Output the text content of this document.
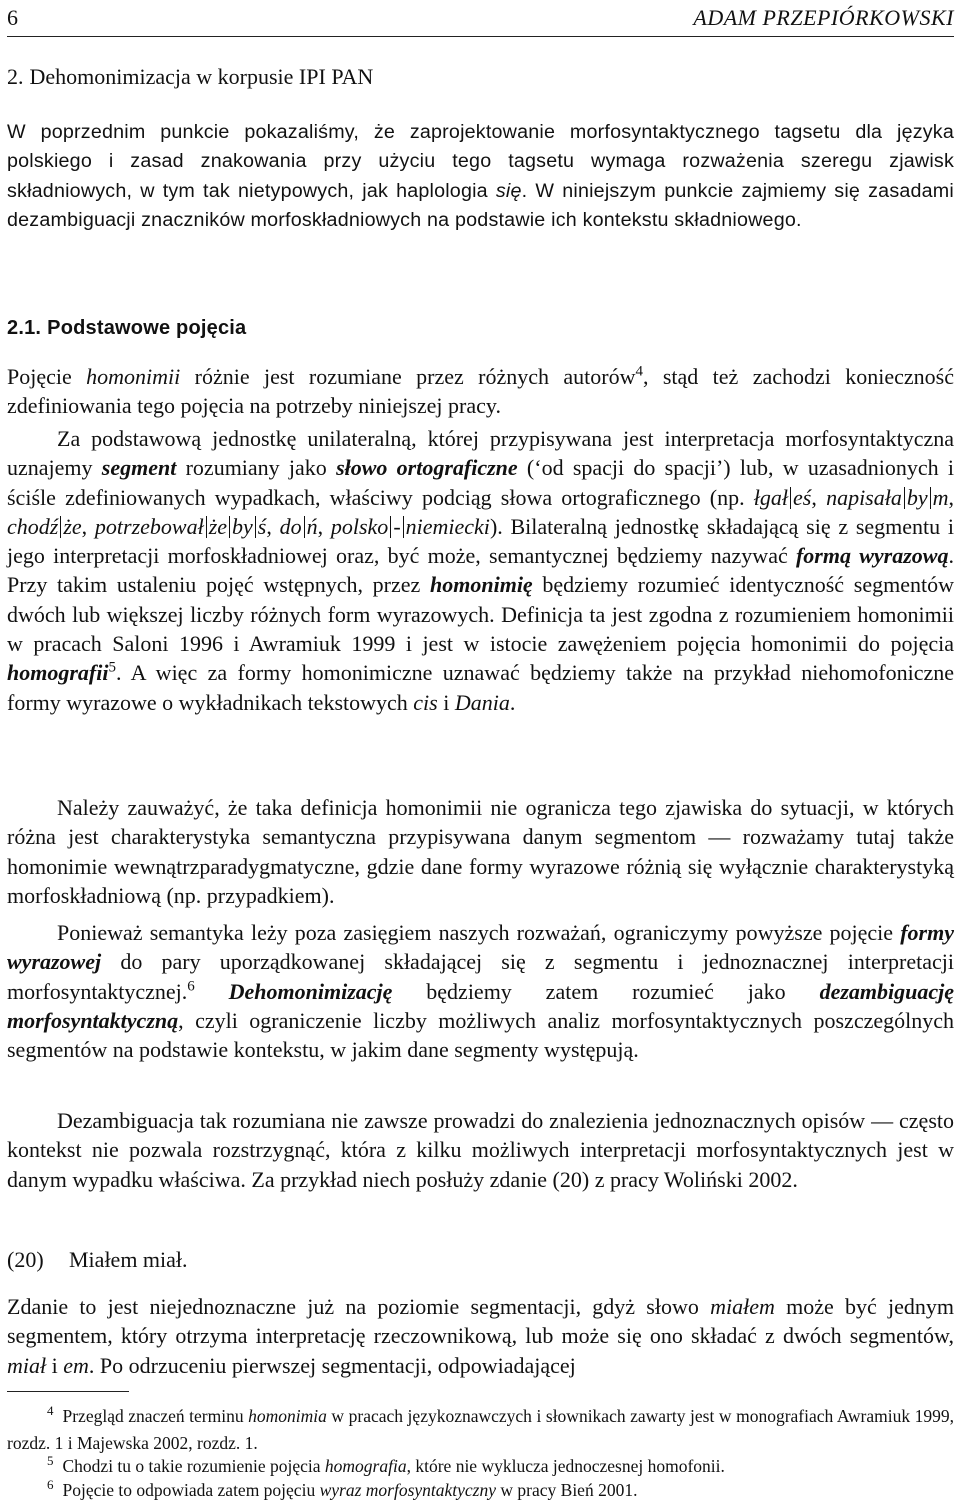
6	ADAM PRZEPIÓRKOWSKI
2. Dehomonimizacja w korpusie IPI PAN

W poprzednim punkcie pokazaliśmy, że zaprojektowanie morfosyntaktycznego tagsetu dla języka polskiego i zasad znakowania przy użyciu tego tagsetu wymaga rozważenia szeregu zjawisk składniowych, w tym tak nietypowych, jak haplologia się. W niniejszym punkcie zajmiemy się zasadami dezambiguacji znaczników morfoskładniowych na podstawie ich kontekstu składniowego.

2.1. Podstawowe pojęcia

Pojęcie homonimii różnie jest rozumiane przez różnych autorów$^4$, stąd też zachodzi konieczność zdefiniowania tego pojęcia na potrzeby niniejszej pracy.

Za podstawową jednostkę unilateralną, której przypisywana jest interpretacja morfosyntaktyczna uznajemy segment rozumiany jako słowo ortograficzne (‘od spacji do spacji’) lub, w uzasadnionych i ściśle zdefiniowanych wypadkach, właściwy podciąg słowa ortograficznego (np. łgał eś, napisała by m, chodź że, potrzebował że by ś, do ń, polsko - niemiecki). Bilateralną jednostkę składającą się z segmentu i jego interpretacji morfoskładniowej oraz, być może, semantycznej będziemy nazywać formą wyrazową. Przy takim ustaleniu pojęć wstępnych, przez homonimię będziemy rozumieć identyczność segmentów dwóch lub większej liczby różnych form wyrazowych. Definicja ta jest zgodna z rozumieniem homonimii w pracach Saloni 1996 i Awramiuk 1999 i jest w istocie zawężeniem pojęcia homonimii do pojęcia homografii$^5$. A więc za formy homonimiczne uznawać będziemy także na przykład niehomofoniczne formy wyrazowe o wykładnikach tekstowych cis i Dania.

Należy zauważyć, że taka definicja homonimii nie ogranicza tego zjawiska do sytuacji, w których różna jest charakterystyka semantyczna przypisywana danym segmentom — rozważamy tutaj także homonimie wewnątrzparadygmatyczne, gdzie dane formy wyrazowe różnią się wyłącznie charakterystyką morfoskładniową (np. przypadkiem).

Ponieważ semantyka leży poza zasięgiem naszych rozważań, ograniczymy powyższe pojęcie formy wyrazowej do pary uporządkowanej składającej się z segmentu i jednoznacznej interpretacji morfosyntaktycznej.$^6$ Dehomonimizację będziemy zatem rozumieć jako dezambiguację morfosyntaktyczną, czyli ograniczenie liczby możliwych analiz morfosyntaktycznych poszczególnych segmentów na podstawie kontekstu, w jakim dane segmenty występują.

Dezambiguacja tak rozumiana nie zawsze prowadzi do znalezienia jednoznacznych opisów — często kontekst nie pozwala rozstrzygnąć, która z kilku możliwych interpretacji morfosyntaktycznych jest w danym wypadku właściwa. Za przykład niech posłuży zdanie (20) z pracy Woliński 2002.

(20) Miałem miał.

Zdanie to jest niejednoznaczne już na poziomie segmentacji, gdyż słowo miałem może być jednym segmentem, który otrzyma interpretację rzeczownikową, lub może się ono składać z dwóch segmentów, miał i em. Po odrzuceniu pierwszej segmentacji, odpowiadającej

$^4$ Przegląd znaczeń terminu homonimia w pracach językoznawczych i słownikach zawarty jest w monografiach Awramiuk 1999, rozdz. 1 i Majewska 2002, rozdz. 1.

$^5$ Chodzi tu o takie rozumienie pojęcia homografia, które nie wyklucza jednoczesnej homofonii.

$^6$ Pojęcie to odpowiada zatem pojęciu wyraz morfosyntaktyczny w pracy Bień 2001.
